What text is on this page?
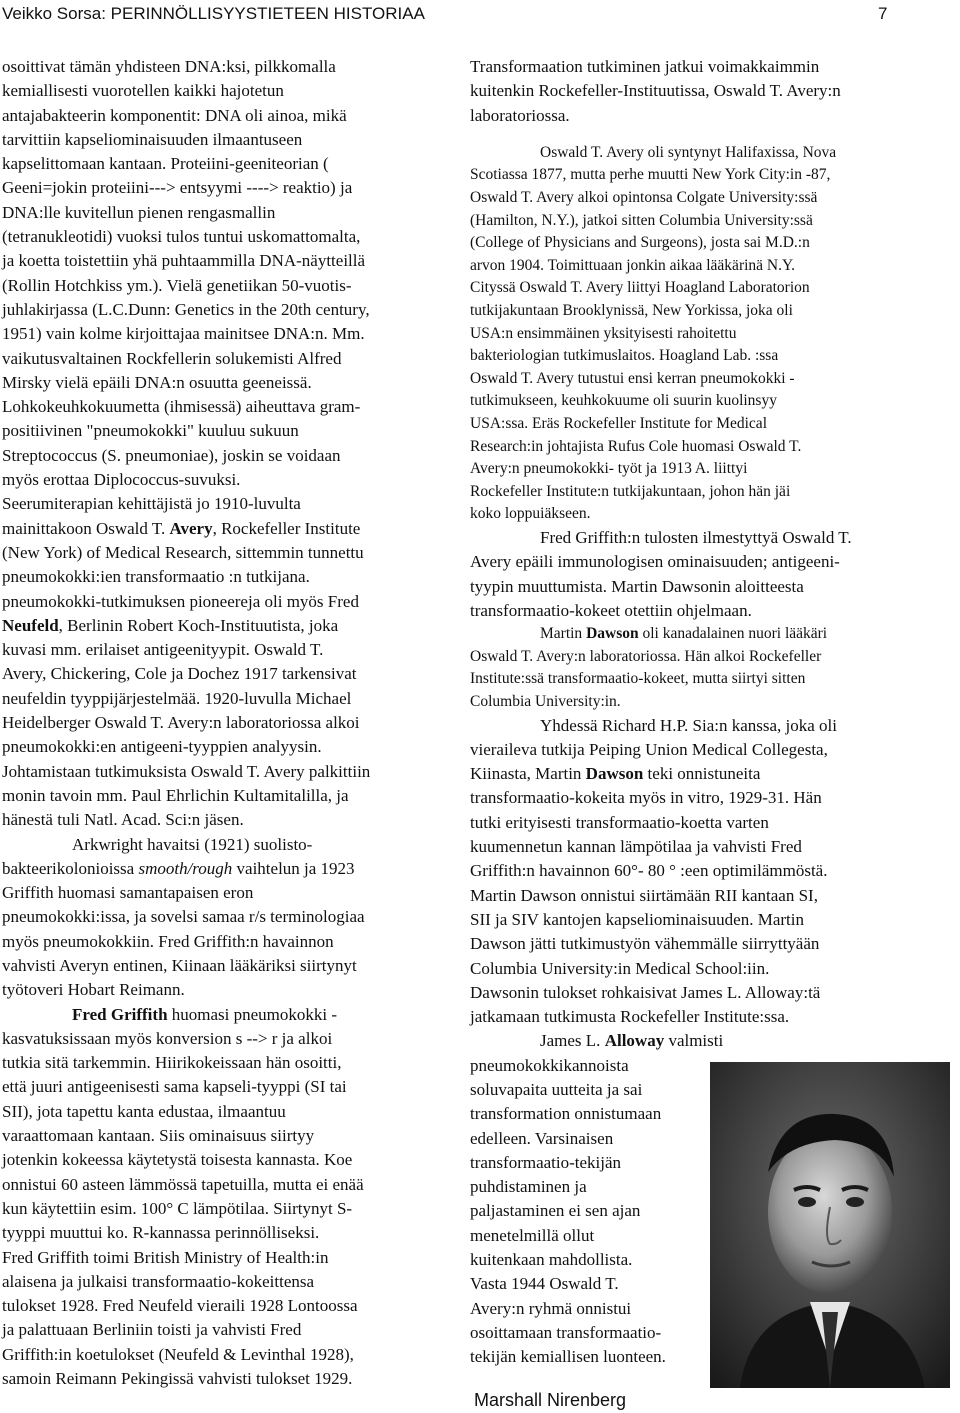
Veikko Sorsa: PERINNÖLLISYYSTIETEEN HISTORIAA	7

osoittivat tämän yhdisteen DNA:ksi, pilkkomalla
kemiallisesti vuorotellen kaikki hajotetun
antajabakteerin komponentit: DNA oli ainoa, mikä
tarvittiin kapseliominaisuuden ilmaantuseen
kapselittomaan kantaan. Proteiini-geeniteorian (
Geeni=jokin proteiini---> entsyymi ----> reaktio) ja
DNA:lle kuvitellun pienen rengasmallin
(tetranukleotidi) vuoksi tulos tuntui uskomattomalta,
ja koetta toistettiin yhä puhtaammilla DNA-näytteillä
(Rollin Hotchkiss ym.). Vielä genetiikan 50-vuotis-
juhlakirjassa (L.C.Dunn: Genetics in the 20th century,
1951) vain kolme kirjoittajaa mainitsee DNA:n. Mm.
vaikutusvaltainen Rockfellerin solukemisti Alfred
Mirsky vielä epäili DNA:n osuutta geeneissä.
Lohkokeuhkokuumetta (ihmisessä) aiheuttava gram-
positiivinen "pneumokokki" kuuluu sukuun
Streptococcus (S. pneumoniae), joskin se voidaan
myös erottaa Diplococcus-suvuksi.
Seerumiterapian kehittäjistä jo 1910-luvulta
mainittakoon Oswald T. Avery, Rockefeller Institute
(New York) of Medical Research, sittemmin tunnettu
pneumokokki:ien transformaatio :n tutkijana.
pneumokokki-tutkimuksen pioneereja oli myös Fred
Neufeld, Berlinin Robert Koch-Instituutista, joka
kuvasi mm. erilaiset antigeenityypit. Oswald T.
Avery, Chickering, Cole ja Dochez 1917 tarkensivat
neufeldin tyyppijärjestelmää. 1920-luvulla Michael
Heidelberger Oswald T. Avery:n laboratoriossa alkoi
pneumokokki:en antigeeni-tyyppien analyysin.
Johtamistaan tutkimuksista Oswald T. Avery palkittiin
monin tavoin mm. Paul Ehrlichin Kultamitalilla, ja
hänestä tuli Natl. Acad. Sci:n jäsen.

Arkwright havaitsi (1921) suolisto-
bakteerikolonioissa smooth/rough vaihtelun ja 1923
Griffith huomasi samantapaisen eron
pneumokokki:issa, ja sovelsi samaa r/s terminologiaa
myös pneumokokkiin. Fred Griffith:n havainnon
vahvisti Averyn entinen, Kiinaan lääkäriksi siirtynyt
työtoveri Hobart Reimann.

Fred Griffith huomasi pneumokokki -
kasvatuksissaan myös konversion s --> r ja alkoi
tutkia sitä tarkemmin. Hiirikokeissaan hän osoitti,
että juuri antigeenisesti sama kapseli-tyyppi (SI tai
SII), jota tapettu kanta edustaa, ilmaantuu
varaattomaan kantaan. Siis ominaisuus siirtyy
jotenkin kokeessa käytetystä toisesta kannasta. Koe
onnistui 60 asteen lämmössä tapetuilla, mutta ei enää
kun käytettiin esim. 100° C lämpötilaa. Siirtynyt S-
tyyppi muuttui ko. R-kannassa perinnölliseksi.
Fred Griffith toimi British Ministry of Health:in
alaisena ja julkaisi transformaatio-kokeittensa
tulokset 1928. Fred Neufeld vieraili 1928 Lontoossa
ja palattuaan Berliniin toisti ja vahvisti Fred
Griffith:in koetulokset (Neufeld & Levinthal 1928),
samoin Reimann Pekingissä vahvisti tulokset 1929.

Transformaation tutkiminen jatkui voimakkaimmin
kuitenkin Rockefeller-Instituutissa, Oswald T. Avery:n
laboratoriossa.

Oswald T. Avery oli syntynyt Halifaxissa, Nova
Scotiassa 1877, mutta perhe muutti New York City:in -87,
Oswald T. Avery alkoi opintonsa Colgate University:ssä
(Hamilton, N.Y.), jatkoi sitten Columbia University:ssä
(College of Physicians and Surgeons), josta sai M.D.:n
arvon 1904. Toimittuaan jonkin aikaa lääkärinä N.Y.
Cityssä Oswald T. Avery liittyi Hoagland Laboratorion
tutkijakuntaan Brooklynissä, New Yorkissa, joka oli
USA:n ensimmäinen yksityisesti rahoitettu
bakteriologian tutkimuslaitos. Hoagland Lab. :ssa
Oswald T. Avery tutustui ensi kerran pneumokokki -
tutkimukseen, keuhkokuume oli suurin kuolinsyy
USA:ssa. Eräs Rockefeller Institute for Medical
Research:in johtajista Rufus Cole huomasi Oswald T.
Avery:n pneumokokki- työt ja 1913 A. liittyi
Rockefeller Institute:n tutkijakuntaan, johon hän jäi
koko loppuiäkseen.

Fred Griffith:n tulosten ilmestyttyä Oswald T.
Avery epäili immunologisen ominaisuuden; antigeeni-
tyypin muuttumista. Martin Dawsonin aloitteesta
transformaatio-kokeet otettiin ohjelmaan.

Martin Dawson oli kanadalainen nuori lääkäri
Oswald T. Avery:n laboratoriossa. Hän alkoi Rockefeller
Institute:ssä transformaatio-kokeet, mutta siirtyi sitten
Columbia University:in.

Yhdessä Richard H.P. Sia:n kanssa, joka oli
vieraileva tutkija Peiping Union Medical Collegesta,
Kiinasta, Martin Dawson teki onnistuneita
transformaatio-kokeita myös in vitro, 1929-31. Hän
tutki erityisesti transformaatio-koetta varten
kuumennetun kannan lämpötilaa ja vahvisti Fred
Griffith:n havainnon 60°- 80 ° :een optimilämmöstä.
Martin Dawson onnistui siirtämään RII kantaan SI,
SII ja SIV kantojen kapseliominaisuuden. Martin
Dawson jätti tutkimustyön vähemmälle siirryttyään
Columbia University:in Medical School:iin.
Dawsonin tulokset rohkaisivat James L. Alloway:tä
jatkamaan tutkimusta Rockefeller Institute:ssa.

James L. Alloway valmisti

pneumokokkikannoista
soluvapaita uutteita ja sai
transformation onnistumaan
edelleen. Varsinaisen
transformaatio-tekijän
puhdistaminen ja
paljastaminen ei sen ajan
menetelmillä ollut
kuitenkaan mahdollista.
Vasta 1944 Oswald T.
Avery:n ryhmä onnistui
osoittamaan transformaatio-
tekijän kemiallisen luonteen.

Marshall Nirenberg
